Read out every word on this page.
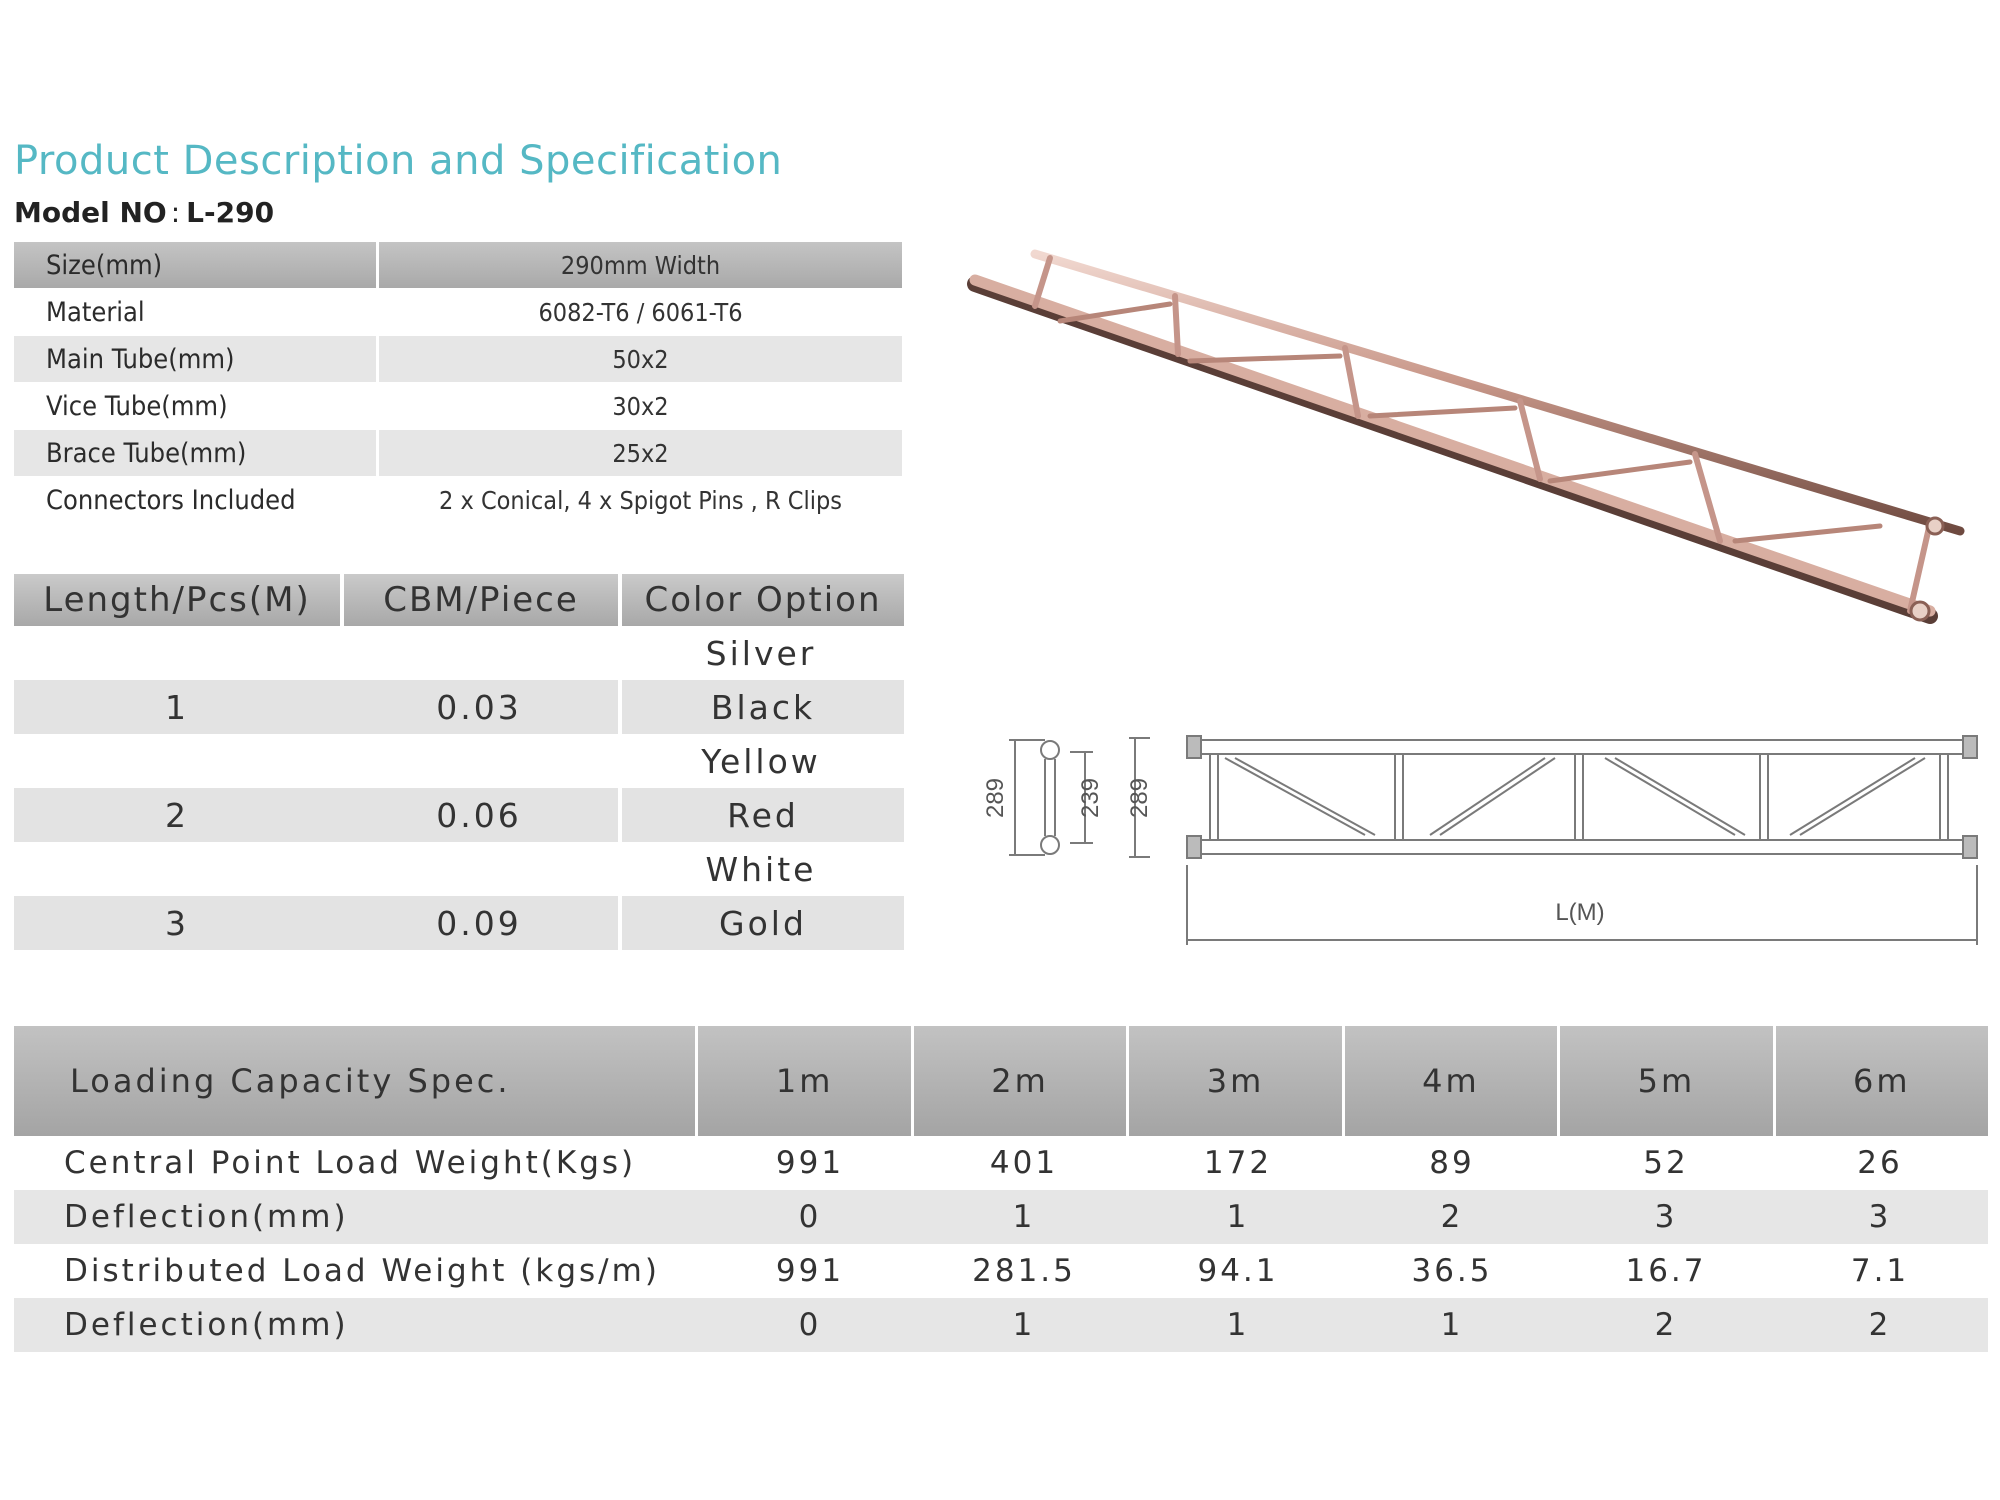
Product Description and Specification
Model NO : L-290
Size(mm)	290mm Width
Material	6082-T6 / 6061-T6
Main Tube(mm)	50x2
Vice Tube(mm)	30x2
Brace Tube(mm)	25x2
Connectors Included	2 x Conical, 4 x Spigot Pins , R Clips
Length/Pcs(M)	CBM/Piece	Color Option
Silver
1	0.03	Black
Yellow
2	0.06	Red
White
3	0.09	Gold
289	239 289
L(M)
Loading Capacity Spec.	1m	2m	3m	4m	5m	6m
Central Point Load Weight(Kgs)	991	401	172	89	52	26
Deflection(mm)	0	1	1	2	3	3
Distributed Load Weight (kgs/m)	991	281.5	94.1	36.5	16.7	7.1
Deflection(mm)	0	1	1	1	2	2
